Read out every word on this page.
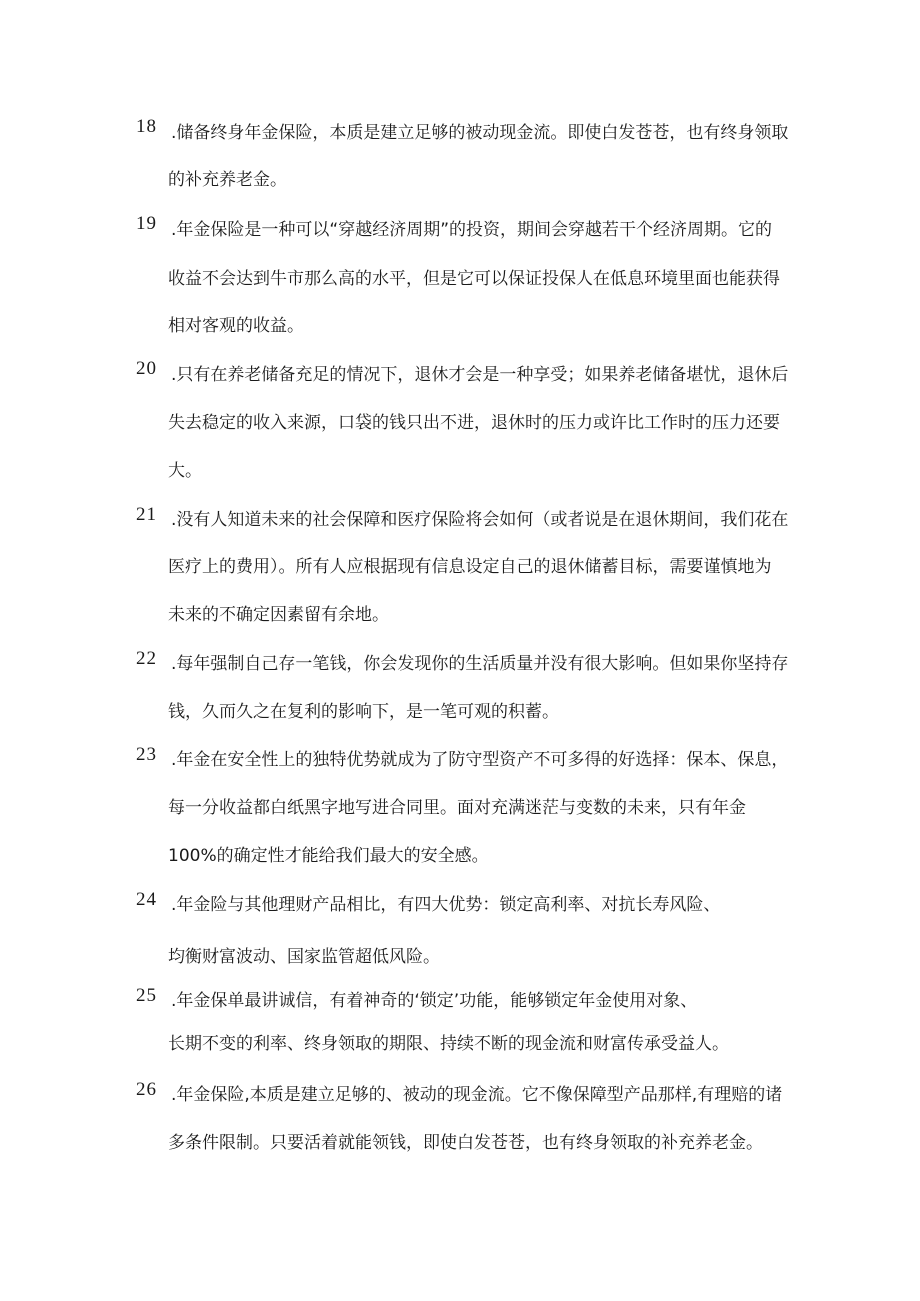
18 .储备终身年金保险，本质是建立足够的被动现金流。即使白发苍苍，也有终身领取
的补充养老金。
19 .年金保险是一种可以“穿越经济周期”的投资，期间会穿越若干个经济周期。它的
收益不会达到牛市那么高的水平，但是它可以保证投保人在低息环境里面也能获得
相对客观的收益。
20 .只有在养老储备充足的情况下，退休才会是一种享受；如果养老储备堪忧，退休后
失去稳定的收入来源，口袋的钱只出不进，退休时的压力或许比工作时的压力还要
大。
21 .没有人知道未来的社会保障和医疗保险将会如何（或者说是在退休期间，我们花在
医疗上的费用）。所有人应根据现有信息设定自己的退休储蓄目标，需要谨慎地为
未来的不确定因素留有余地。
22 .每年强制自己存一笔钱，你会发现你的生活质量并没有很大影响。但如果你坚持存
钱，久而久之在复利的影响下，是一笔可观的积蓄。
23 .年金在安全性上的独特优势就成为了防守型资产不可多得的好选择：保本、保息，
每一分收益都白纸黑字地写进合同里。面对充满迷茫与变数的未来，只有年金
100%的确定性才能给我们最大的安全感。
24 .年金险与其他理财产品相比，有四大优势：锁定高利率、对抗长寿风险、
均衡财富波动、国家监管超低风险。
25 .年金保单最讲诚信，有着神奇的‘锁定’功能，能够锁定年金使用对象、
长期不变的利率、终身领取的期限、持续不断的现金流和财富传承受益人。
26 .年金保险,本质是建立足够的、被动的现金流。它不像保障型产品那样,有理赔的诸
多条件限制。只要活着就能领钱，即使白发苍苍，也有终身领取的补充养老金。
